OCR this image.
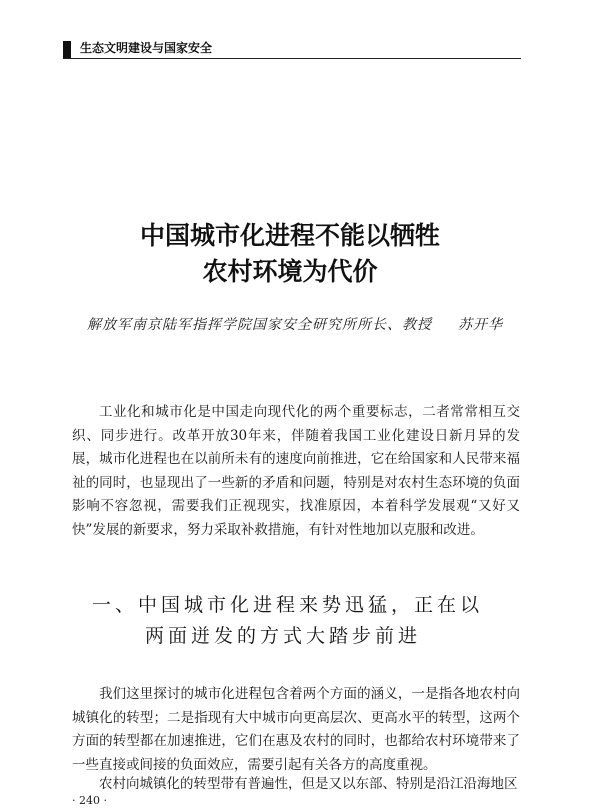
生态文明建设与国家安全
中国城市化进程不能以牺牲
农村环境为代价
解放军南京陆军指挥学院国家安全研究所所长、教授 苏开华

工业化和城市化是中国走向现代化的两个重要标志，二者常常相互交织、同步进行。改革开放30年来，伴随着我国工业化建设日新月异的发展，城市化进程也在以前所未有的速度向前推进，它在给国家和人民带来福祉的同时，也显现出了一些新的矛盾和问题，特别是对农村生态环境的负面影响不容忽视，需要我们正视现实，找准原因，本着科学发展观“又好又快”发展的新要求，努力采取补救措施，有针对性地加以克服和改进。

一、中国城市化进程来势迅猛，正在以
两面迸发的方式大踏步前进

我们这里探讨的城市化进程包含着两个方面的涵义，一是指各地农村向城镇化的转型；二是指现有大中城市向更高层次、更高水平的转型，这两个方面的转型都在加速推进，它们在惠及农村的同时，也都给农村环境带来了一些直接或间接的负面效应，需要引起有关各方的高度重视。

农村向城镇化的转型带有普遍性，但是又以东部、特别是沿江沿海地区

· 240 ·
